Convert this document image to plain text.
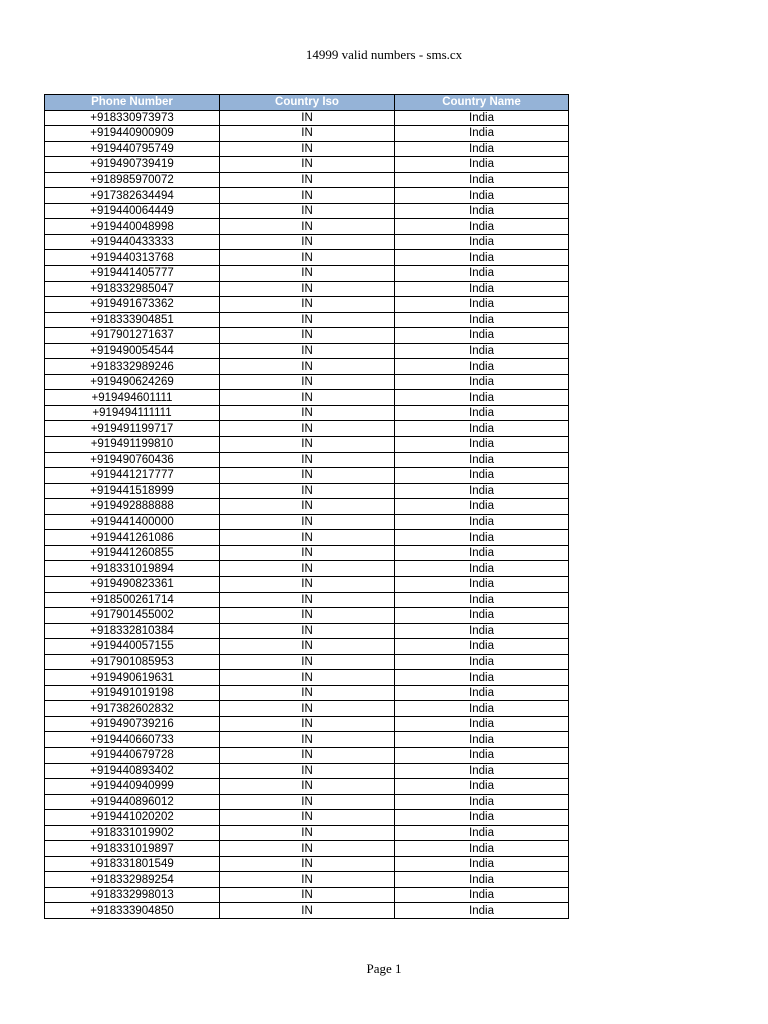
14999 valid numbers - sms.cx
Phone Number	Country Iso	Country Name
+918330973973	IN	India
+919440900909	IN	India
+919440795749	IN	India
+919490739419	IN	India
+918985970072	IN	India
+917382634494	IN	India
+919440064449	IN	India
+919440048998	IN	India
+919440433333	IN	India
+919440313768	IN	India
+919441405777	IN	India
+918332985047	IN	India
+919491673362	IN	India
+918333904851	IN	India
+917901271637	IN	India
+919490054544	IN	India
+918332989246	IN	India
+919490624269	IN	India
+919494601111	IN	India
+919494111111	IN	India
+919491199717	IN	India
+919491199810	IN	India
+919490760436	IN	India
+919441217777	IN	India
+919441518999	IN	India
+919492888888	IN	India
+919441400000	IN	India
+919441261086	IN	India
+919441260855	IN	India
+918331019894	IN	India
+919490823361	IN	India
+918500261714	IN	India
+917901455002	IN	India
+918332810384	IN	India
+919440057155	IN	India
+917901085953	IN	India
+919490619631	IN	India
+919491019198	IN	India
+917382602832	IN	India
+919490739216	IN	India
+919440660733	IN	India
+919440679728	IN	India
+919440893402	IN	India
+919440940999	IN	India
+919440896012	IN	India
+919441020202	IN	India
+918331019902	IN	India
+918331019897	IN	India
+918331801549	IN	India
+918332989254	IN	India
+918332998013	IN	India
+918333904850	IN	India
Page 1
